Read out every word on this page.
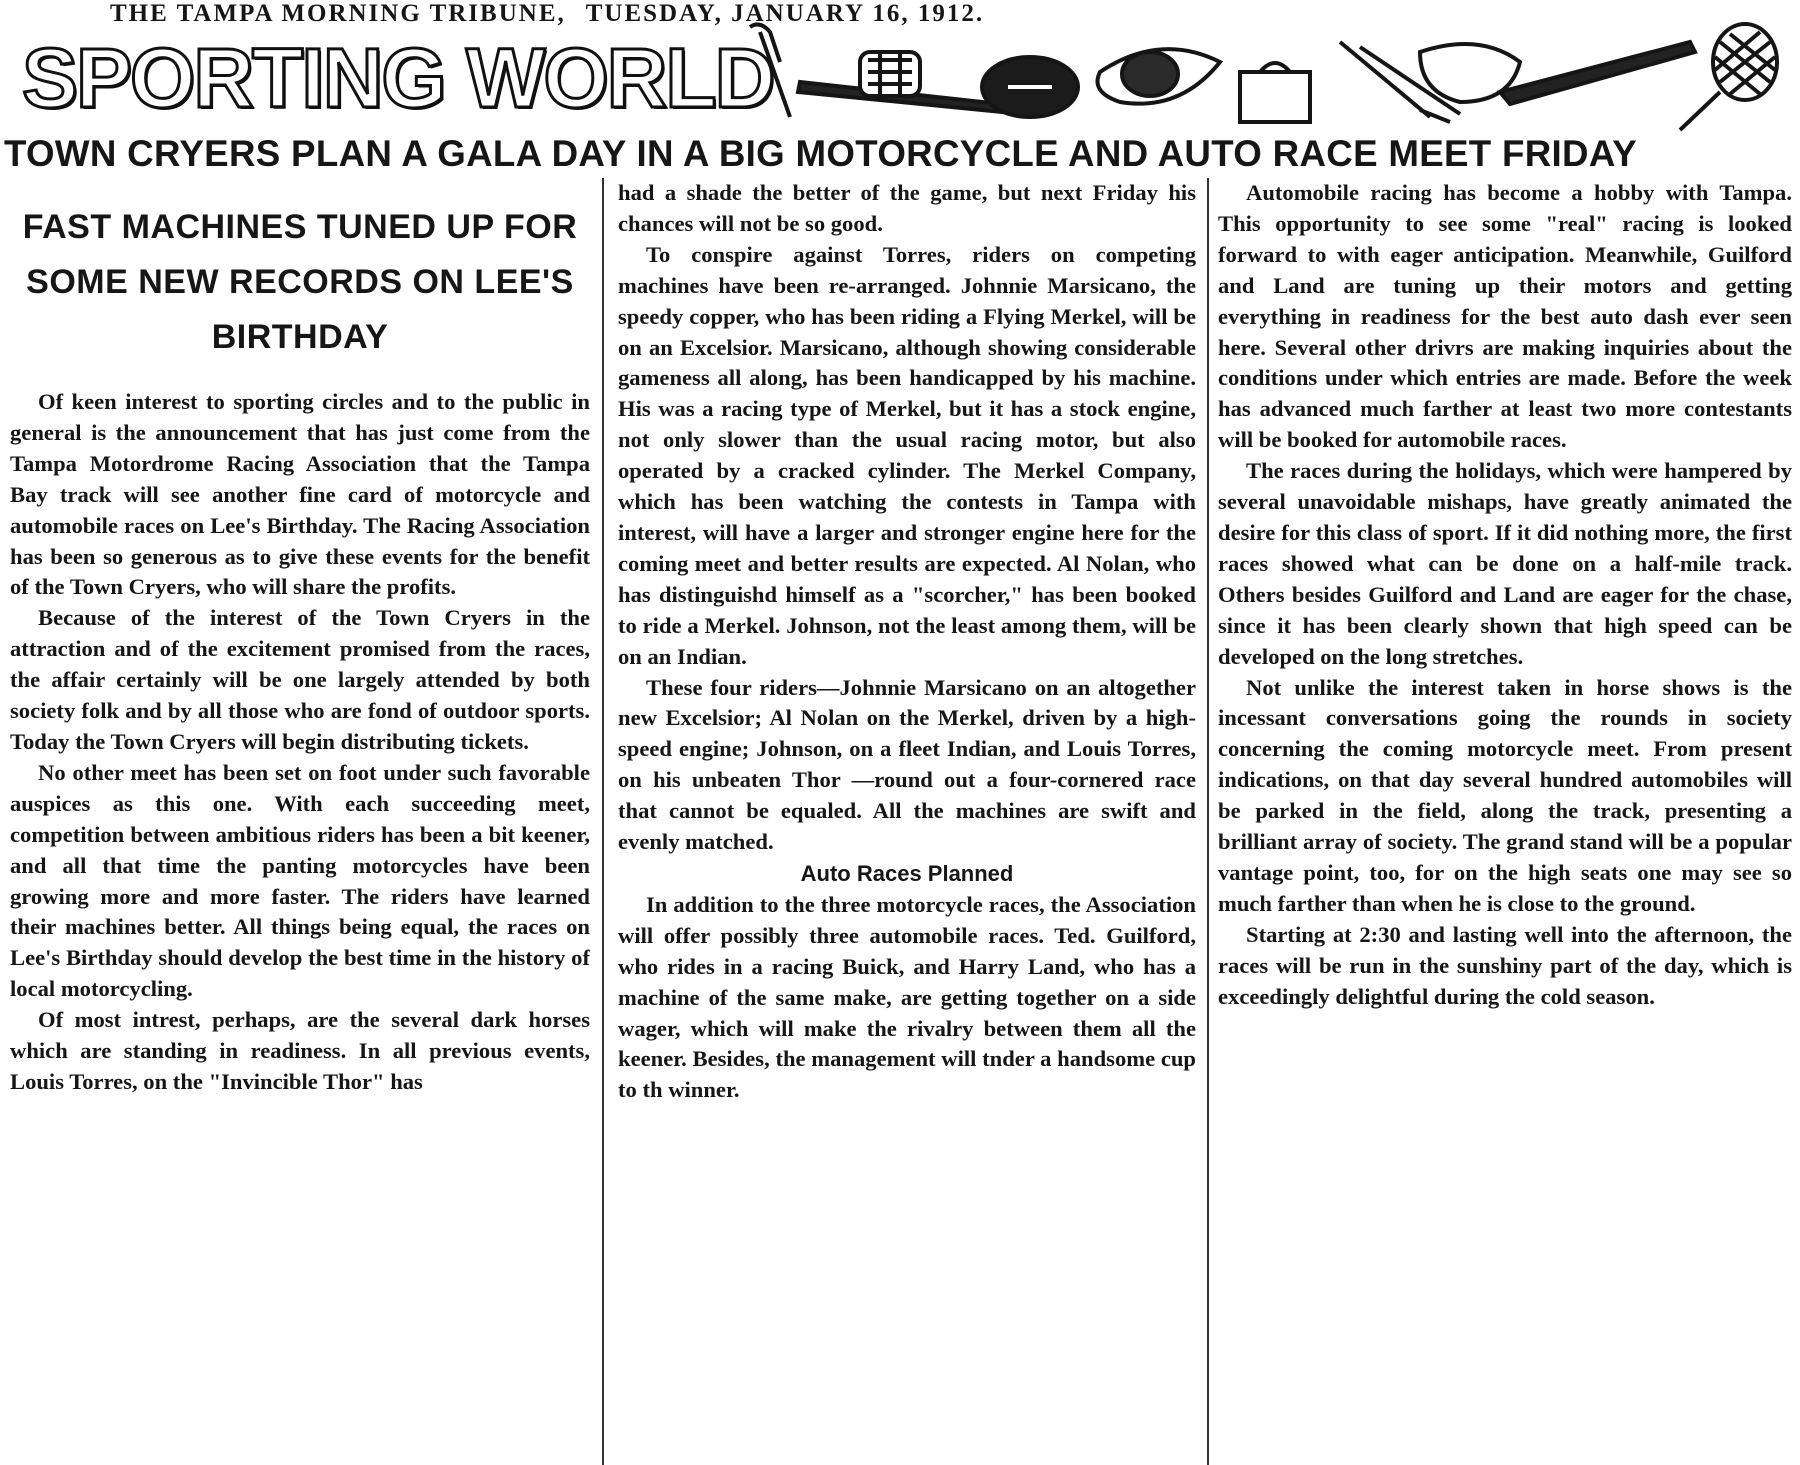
THE TAMPA MORNING TRIBUNE, TUESDAY, JANUARY 16, 1912.
SPORTING WORLD
TOWN CRYERS PLAN A GALA DAY IN A BIG MOTORCYCLE AND AUTO RACE MEET FRIDAY
FAST MACHINES TUNED UP FOR SOME NEW RECORDS ON LEE'S BIRTHDAY

Of keen interest to sporting circles and to the public in general is the announcement that has just come from the Tampa Motordrome Racing Association that the Tampa Bay track will see another fine card of motorcycle and automobile races on Lee's Birthday. The Racing Association has been so generous as to give these events for the benefit of the Town Cryers, who will share the profits.

Because of the interest of the Town Cryers in the attraction and of the excitement promised from the races, the affair certainly will be one largely attended by both society folk and by all those who are fond of outdoor sports. Today the Town Cryers will begin distributing tickets.

No other meet has been set on foot under such favorable auspices as this one. With each succeeding meet, competition between ambitious riders has been a bit keener, and all that time the panting motorcycles have been growing more and more faster. The riders have learned their machines better. All things being equal, the races on Lee's Birthday should develop the best time in the history of local motorcycling.

Of most intrest, perhaps, are the several dark horses which are standing in readiness. In all previous events, Louis Torres, on the "Invincible Thor" has

had a shade the better of the game, but next Friday his chances will not be so good.

To conspire against Torres, riders on competing machines have been re-arranged. Johnnie Marsicano, the speedy copper, who has been riding a Flying Merkel, will be on an Excelsior. Marsicano, although showing considerable gameness all along, has been handicapped by his machine. His was a racing type of Merkel, but it has a stock engine, not only slower than the usual racing motor, but also operated by a cracked cylinder. The Merkel Company, which has been watching the contests in Tampa with interest, will have a larger and stronger engine here for the coming meet and better results are expected. Al Nolan, who has distinguishd himself as a "scorcher," has been booked to ride a Merkel. Johnson, not the least among them, will be on an Indian.

These four riders—Johnnie Marsicano on an altogether new Excelsior; Al Nolan on the Merkel, driven by a high-speed engine; Johnson, on a fleet Indian, and Louis Torres, on his unbeaten Thor —round out a four-cornered race that cannot be equaled. All the machines are swift and evenly matched.

Auto Races Planned

In addition to the three motorcycle races, the Association will offer possibly three automobile races. Ted. Guilford, who rides in a racing Buick, and Harry Land, who has a machine of the same make, are getting together on a side wager, which will make the rivalry between them all the keener. Besides, the management will tnder a handsome cup to th winner.

Automobile racing has become a hobby with Tampa. This opportunity to see some "real" racing is looked forward to with eager anticipation. Meanwhile, Guilford and Land are tuning up their motors and getting everything in readiness for the best auto dash ever seen here. Several other drivrs are making inquiries about the conditions under which entries are made. Before the week has advanced much farther at least two more contestants will be booked for automobile races.

The races during the holidays, which were hampered by several unavoidable mishaps, have greatly animated the desire for this class of sport. If it did nothing more, the first races showed what can be done on a half-mile track. Others besides Guilford and Land are eager for the chase, since it has been clearly shown that high speed can be developed on the long stretches.

Not unlike the interest taken in horse shows is the incessant conversations going the rounds in society concerning the coming motorcycle meet. From present indications, on that day several hundred automobiles will be parked in the field, along the track, presenting a brilliant array of society. The grand stand will be a popular vantage point, too, for on the high seats one may see so much farther than when he is close to the ground.

Starting at 2:30 and lasting well into the afternoon, the races will be run in the sunshiny part of the day, which is exceedingly delightful during the cold season.
